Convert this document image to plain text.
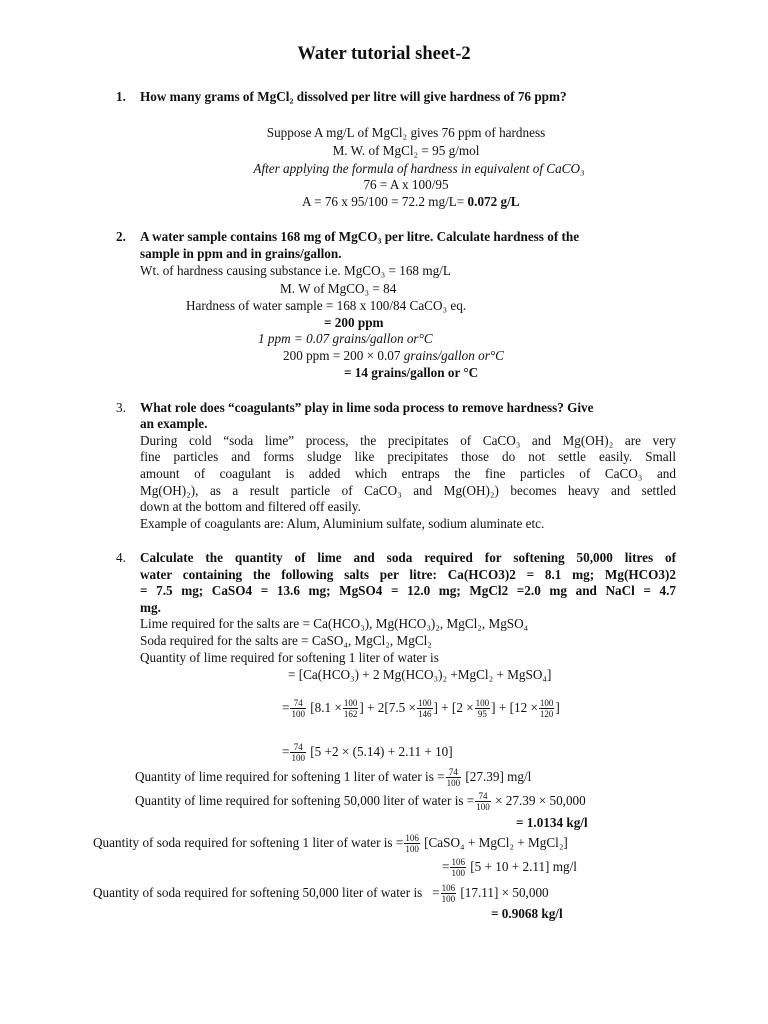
Water tutorial sheet-2
1. How many grams of MgCl₂ dissolved per litre will give hardness of 76 ppm?
Suppose A mg/L of MgCl₂ gives 76 ppm of hardness
M. W. of MgCl₂ = 95 g/mol
After applying the formula of hardness in equivalent of CaCO₃
76 = A x 100/95
A = 76 x 95/100 = 72.2 mg/L= 0.072 g/L
2. A water sample contains 168 mg of MgCO₃ per litre. Calculate hardness of the
sample in ppm and in grains/gallon.
Wt. of hardness causing substance i.e. MgCO₃ = 168 mg/L
M. W of MgCO₃ = 84
Hardness of water sample = 168 x 100/84 CaCO₃ eq.
= 200 ppm
1 ppm = 0.07 grains/gallon or°C
200 ppm = 200 × 0.07 grains/gallon or°C
= 14 grains/gallon or °C
3. What role does “coagulants” play in lime soda process to remove hardness? Give
an example.
During cold “soda lime” process, the precipitates of CaCO₃ and Mg(OH)₂ are very
fine particles and forms sludge like precipitates those do not settle easily. Small
amount of coagulant is added which entraps the fine particles of CaCO₃ and
Mg(OH)₂), as a result particle of CaCO₃ and Mg(OH)₂) becomes heavy and settled
down at the bottom and filtered off easily.
Example of coagulants are: Alum, Aluminium sulfate, sodium aluminate etc.
4. Calculate the quantity of lime and soda required for softening 50,000 litres of
water containing the following salts per litre: Ca(HCO3)2 = 8.1 mg; Mg(HCO3)2
= 7.5 mg; CaSO4 = 13.6 mg; MgSO4 = 12.0 mg; MgCl2 =2.0 mg and NaCl = 4.7
mg.
Lime required for the salts are = Ca(HCO₃), Mg(HCO₃)₂, MgCl₂, MgSO₄
Soda required for the salts are = CaSO₄, MgCl₂, MgCl₂
Quantity of lime required for softening 1 liter of water is
= [Ca(HCO₃) + 2 Mg(HCO₃)₂ +MgCl₂ + MgSO₄]
= $\frac{74}{100} [8.1 \times \frac{100}{162}$ ] + $2[7.5 \times \frac{100}{146}$ ] + [$2 \times \frac{100}{95}$ ] + [$12 \times \frac{100}{120}$ ]
= $\frac{74}{100} [5 +2 \times (5.14) + 2.11 + 10]$
Quantity of lime required for softening 1 liter of water is = $\frac{74}{100} [27.39]$ mg/l
Quantity of lime required for softening 50,000 liter of water is = $\frac{74}{100} \times 27.39 \times 50,000$
= 1.0134 kg/l
Quantity of soda required for softening 1 liter of water is = $\frac{106}{100}$ [CaSO₄ + MgCl₂ + MgCl₂]
= $\frac{106}{100} [5 + 10 + 2.11]$ mg/l
Quantity of soda required for softening 50,000 liter of water is = $\frac{106}{100} [17.11] \times 50,000$
= 0.9068 kg/l
